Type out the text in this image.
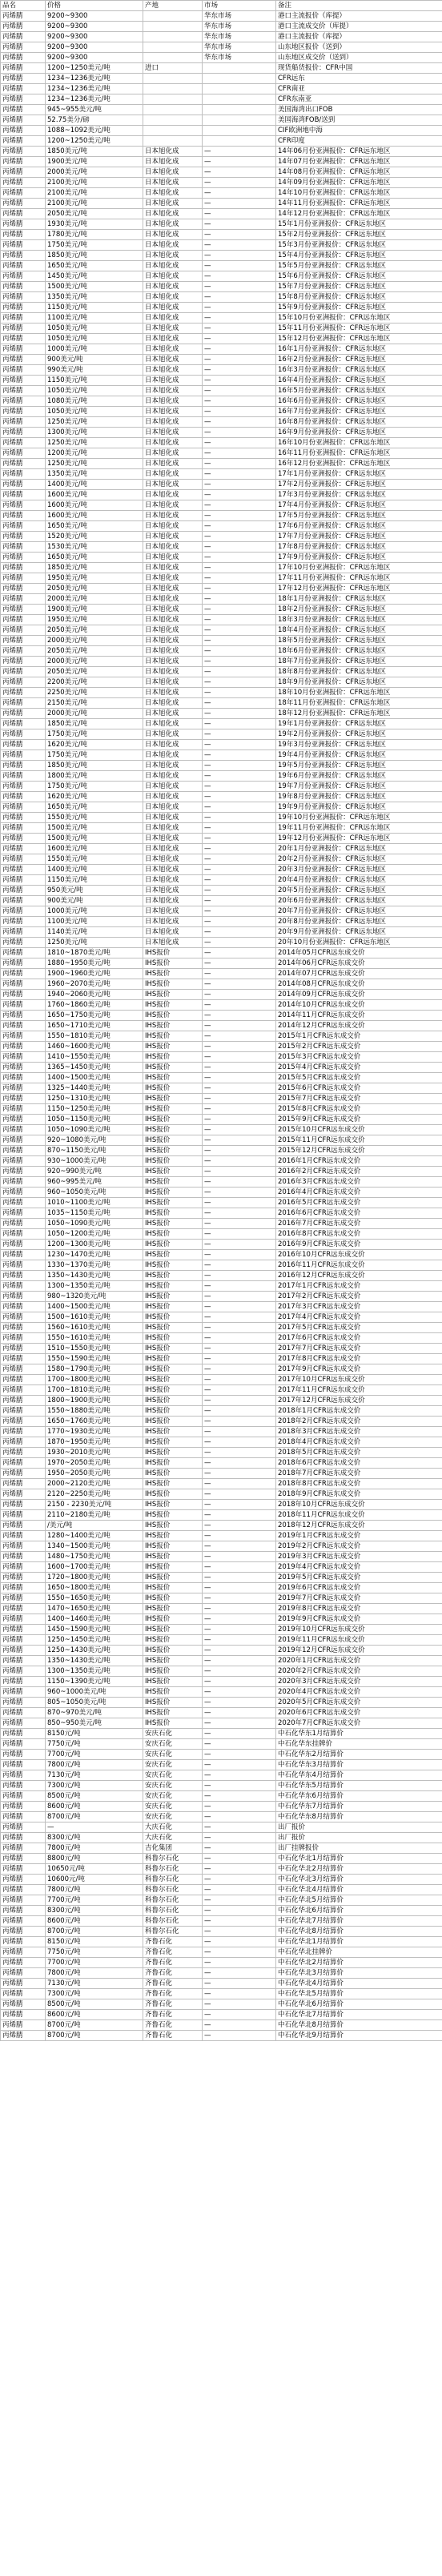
品名	价格	产地	市场	备注
丙烯腈	9200~9300		华东市场	港口主流报价（库提）
丙烯腈	9200~9300		华东市场	港口主流成交价（库提）
丙烯腈	9200~9300		华东市场	港口主流报价（库提）
丙烯腈	9200~9300		华东市场	山东地区报价（送到）
丙烯腈	9200~9300		华东市场	山东地区成交价（送到）
丙烯腈	1200~1250美元/吨	进口		现货船货报价：CFR中国
丙烯腈	1234~1236美元/吨			CFR远东
丙烯腈	1234~1236美元/吨			CFR南亚
丙烯腈	1234~1236美元/吨			CFR东南亚
丙烯腈	945~955美元/吨			美国海湾出口FOB
丙烯腈	52.75美分/磅			美国海湾FOB/送到
丙烯腈	1088~1092美元/吨			CIF欧洲地中海
丙烯腈	1200~1250美元/吨			CFR印度
丙烯腈	1850美元/吨	日本旭化成	—	14年06月份亚洲报价：CFR远东地区
丙烯腈	1900美元/吨	日本旭化成	—	14年07月份亚洲报价：CFR远东地区
丙烯腈	2000美元/吨	日本旭化成	—	14年08月份亚洲报价：CFR远东地区
丙烯腈	2100美元/吨	日本旭化成	—	14年09月份亚洲报价：CFR远东地区
丙烯腈	2100美元/吨	日本旭化成	—	14年10月份亚洲报价：CFR远东地区
丙烯腈	2100美元/吨	日本旭化成	—	14年11月份亚洲报价：CFR远东地区
丙烯腈	2050美元/吨	日本旭化成	—	14年12月份亚洲报价：CFR远东地区
丙烯腈	1930美元/吨	日本旭化成	—	15年1月份亚洲报价：CFR远东地区
丙烯腈	1780美元/吨	日本旭化成	—	15年2月份亚洲报价：CFR远东地区
丙烯腈	1750美元/吨	日本旭化成	—	15年3月份亚洲报价：CFR远东地区
丙烯腈	1850美元/吨	日本旭化成	—	15年4月份亚洲报价：CFR远东地区
丙烯腈	1650美元/吨	日本旭化成	—	15年5月份亚洲报价：CFR远东地区
丙烯腈	1450美元/吨	日本旭化成	—	15年6月份亚洲报价：CFR远东地区
丙烯腈	1500美元/吨	日本旭化成	—	15年7月份亚洲报价：CFR远东地区
丙烯腈	1350美元/吨	日本旭化成	—	15年8月份亚洲报价：CFR远东地区
丙烯腈	1150美元/吨	日本旭化成	—	15年9月份亚洲报价：CFR远东地区
丙烯腈	1100美元/吨	日本旭化成	—	15年10月份亚洲报价：CFR远东地区
丙烯腈	1050美元/吨	日本旭化成	—	15年11月份亚洲报价：CFR远东地区
丙烯腈	1050美元/吨	日本旭化成	—	15年12月份亚洲报价：CFR远东地区
丙烯腈	1000美元/吨	日本旭化成	—	16年1月份亚洲报价：CFR远东地区
丙烯腈	900美元/吨	日本旭化成	—	16年2月份亚洲报价：CFR远东地区
丙烯腈	990美元/吨	日本旭化成	—	16年3月份亚洲报价：CFR远东地区
丙烯腈	1150美元/吨	日本旭化成	—	16年4月份亚洲报价：CFR远东地区
丙烯腈	1050美元/吨	日本旭化成	—	16年5月份亚洲报价：CFR远东地区
丙烯腈	1080美元/吨	日本旭化成	—	16年6月份亚洲报价：CFR远东地区
丙烯腈	1050美元/吨	日本旭化成	—	16年7月份亚洲报价：CFR远东地区
丙烯腈	1250美元/吨	日本旭化成	—	16年8月份亚洲报价：CFR远东地区
丙烯腈	1300美元/吨	日本旭化成	—	16年9月份亚洲报价：CFR远东地区
丙烯腈	1250美元/吨	日本旭化成	—	16年10月份亚洲报价：CFR远东地区
丙烯腈	1200美元/吨	日本旭化成	—	16年11月份亚洲报价：CFR远东地区
丙烯腈	1250美元/吨	日本旭化成	—	16年12月份亚洲报价：CFR远东地区
丙烯腈	1350美元/吨	日本旭化成	—	17年1月份亚洲报价：CFR远东地区
丙烯腈	1400美元/吨	日本旭化成	—	17年2月份亚洲报价：CFR远东地区
丙烯腈	1600美元/吨	日本旭化成	—	17年3月份亚洲报价：CFR远东地区
丙烯腈	1600美元/吨	日本旭化成	—	17年4月份亚洲报价：CFR远东地区
丙烯腈	1600美元/吨	日本旭化成	—	17年5月份亚洲报价：CFR远东地区
丙烯腈	1650美元/吨	日本旭化成	—	17年6月份亚洲报价：CFR远东地区
丙烯腈	1520美元/吨	日本旭化成	—	17年7月份亚洲报价：CFR远东地区
丙烯腈	1530美元/吨	日本旭化成	—	17年8月份亚洲报价：CFR远东地区
丙烯腈	1650美元/吨	日本旭化成	—	17年9月份亚洲报价：CFR远东地区
丙烯腈	1850美元/吨	日本旭化成	—	17年10月份亚洲报价：CFR远东地区
丙烯腈	1950美元/吨	日本旭化成	—	17年11月份亚洲报价：CFR远东地区
丙烯腈	2050美元/吨	日本旭化成	—	17年12月份亚洲报价：CFR远东地区
丙烯腈	2000美元/吨	日本旭化成	—	18年1月份亚洲报价：CFR远东地区
丙烯腈	1900美元/吨	日本旭化成	—	18年2月份亚洲报价：CFR远东地区
丙烯腈	1950美元/吨	日本旭化成	—	18年3月份亚洲报价：CFR远东地区
丙烯腈	2050美元/吨	日本旭化成	—	18年4月份亚洲报价：CFR远东地区
丙烯腈	2000美元/吨	日本旭化成	—	18年5月份亚洲报价：CFR远东地区
丙烯腈	2050美元/吨	日本旭化成	—	18年6月份亚洲报价：CFR远东地区
丙烯腈	2000美元/吨	日本旭化成	—	18年7月份亚洲报价：CFR远东地区
丙烯腈	2050美元/吨	日本旭化成	—	18年8月份亚洲报价：CFR远东地区
丙烯腈	2200美元/吨	日本旭化成	—	18年9月份亚洲报价：CFR远东地区
丙烯腈	2250美元/吨	日本旭化成	—	18年10月份亚洲报价：CFR远东地区
丙烯腈	2150美元/吨	日本旭化成	—	18年11月份亚洲报价：CFR远东地区
丙烯腈	2000美元/吨	日本旭化成	—	18年12月份亚洲报价：CFR远东地区
丙烯腈	1850美元/吨	日本旭化成	—	19年1月份亚洲报价：CFR远东地区
丙烯腈	1750美元/吨	日本旭化成	—	19年2月份亚洲报价：CFR远东地区
丙烯腈	1620美元/吨	日本旭化成	—	19年3月份亚洲报价：CFR远东地区
丙烯腈	1750美元/吨	日本旭化成	—	19年4月份亚洲报价：CFR远东地区
丙烯腈	1850美元/吨	日本旭化成	—	19年5月份亚洲报价：CFR远东地区
丙烯腈	1800美元/吨	日本旭化成	—	19年6月份亚洲报价：CFR远东地区
丙烯腈	1750美元/吨	日本旭化成	—	19年7月份亚洲报价：CFR远东地区
丙烯腈	1620美元/吨	日本旭化成	—	19年8月份亚洲报价：CFR远东地区
丙烯腈	1650美元/吨	日本旭化成	—	19年9月份亚洲报价：CFR远东地区
丙烯腈	1550美元/吨	日本旭化成	—	19年10月份亚洲报价：CFR远东地区
丙烯腈	1500美元/吨	日本旭化成	—	19年11月份亚洲报价：CFR远东地区
丙烯腈	1500美元/吨	日本旭化成	—	19年12月份亚洲报价：CFR远东地区
丙烯腈	1600美元/吨	日本旭化成	—	20年1月份亚洲报价：CFR远东地区
丙烯腈	1550美元/吨	日本旭化成	—	20年2月份亚洲报价：CFR远东地区
丙烯腈	1400美元/吨	日本旭化成	—	20年3月份亚洲报价：CFR远东地区
丙烯腈	1150美元/吨	日本旭化成	—	20年4月份亚洲报价：CFR远东地区
丙烯腈	950美元/吨	日本旭化成	—	20年5月份亚洲报价：CFR远东地区
丙烯腈	900美元/吨	日本旭化成	—	20年6月份亚洲报价：CFR远东地区
丙烯腈	1000美元/吨	日本旭化成	—	20年7月份亚洲报价：CFR远东地区
丙烯腈	1100美元/吨	日本旭化成	—	20年8月份亚洲报价：CFR远东地区
丙烯腈	1140美元/吨	日本旭化成	—	20年9月份亚洲报价：CFR远东地区
丙烯腈	1250美元/吨	日本旭化成	—	20年10月份亚洲报价：CFR远东地区
丙烯腈	1810~1870美元/吨	IHS报价	—	2014年05月CFR远东成交价
丙烯腈	1880~1950美元/吨	IHS报价	—	2014年06月CFR远东成交价
丙烯腈	1900~1960美元/吨	IHS报价	—	2014年07月CFR远东成交价
丙烯腈	1960~2070美元/吨	IHS报价	—	2014年08月CFR远东成交价
丙烯腈	1940~2060美元/吨	IHS报价	—	2014年09月CFR远东成交价
丙烯腈	1760~1860美元/吨	IHS报价	—	2014年10月CFR远东成交价
丙烯腈	1650~1750美元/吨	IHS报价	—	2014年11月CFR远东成交价
丙烯腈	1650~1710美元/吨	IHS报价	—	2014年12月CFR远东成交价
丙烯腈	1550~1810美元/吨	IHS报价	—	2015年1月CFR远东成交价
丙烯腈	1460~1600美元/吨	IHS报价	—	2015年2月CFR远东成交价
丙烯腈	1410~1550美元/吨	IHS报价	—	2015年3月CFR远东成交价
丙烯腈	1365~1450美元/吨	IHS报价	—	2015年4月CFR远东成交价
丙烯腈	1400~1500美元/吨	IHS报价	—	2015年5月CFR远东成交价
丙烯腈	1325~1440美元/吨	IHS报价	—	2015年6月CFR远东成交价
丙烯腈	1250~1310美元/吨	IHS报价	—	2015年7月CFR远东成交价
丙烯腈	1150~1250美元/吨	IHS报价	—	2015年8月CFR远东成交价
丙烯腈	1050~1150美元/吨	IHS报价	—	2015年9月CFR远东成交价
丙烯腈	1050~1090美元/吨	IHS报价	—	2015年10月CFR远东成交价
丙烯腈	920~1080美元/吨	IHS报价	—	2015年11月CFR远东成交价
丙烯腈	870~1150美元/吨	IHS报价	—	2015年12月CFR远东成交价
丙烯腈	930~1000美元/吨	IHS报价	—	2016年1月CFR远东成交价
丙烯腈	920~990美元/吨	IHS报价	—	2016年2月CFR远东成交价
丙烯腈	960~995美元/吨	IHS报价	—	2016年3月CFR远东成交价
丙烯腈	960~1050美元/吨	IHS报价	—	2016年4月CFR远东成交价
丙烯腈	1010~1100美元/吨	IHS报价	—	2016年5月CFR远东成交价
丙烯腈	1035~1150美元/吨	IHS报价	—	2016年6月CFR远东成交价
丙烯腈	1050~1090美元/吨	IHS报价	—	2016年7月CFR远东成交价
丙烯腈	1050~1200美元/吨	IHS报价	—	2016年8月CFR远东成交价
丙烯腈	1200~1300美元/吨	IHS报价	—	2016年9月CFR远东成交价
丙烯腈	1230~1470美元/吨	IHS报价	—	2016年10月CFR远东成交价
丙烯腈	1330~1370美元/吨	IHS报价	—	2016年11月CFR远东成交价
丙烯腈	1350~1430美元/吨	IHS报价	—	2016年12月CFR远东成交价
丙烯腈	1300~1350美元/吨	IHS报价	—	2017年1月CFR远东成交价
丙烯腈	980~1320美元/吨	IHS报价	—	2017年2月CFR远东成交价
丙烯腈	1400~1500美元/吨	IHS报价	—	2017年3月CFR远东成交价
丙烯腈	1500~1610美元/吨	IHS报价	—	2017年4月CFR远东成交价
丙烯腈	1560~1610美元/吨	IHS报价	—	2017年5月CFR远东成交价
丙烯腈	1550~1610美元/吨	IHS报价	—	2017年6月CFR远东成交价
丙烯腈	1510~1550美元/吨	IHS报价	—	2017年7月CFR远东成交价
丙烯腈	1550~1590美元/吨	IHS报价	—	2017年8月CFR远东成交价
丙烯腈	1580~1790美元/吨	IHS报价	—	2017年9月CFR远东成交价
丙烯腈	1700~1800美元/吨	IHS报价	—	2017年10月CFR远东成交价
丙烯腈	1700~1810美元/吨	IHS报价	—	2017年11月CFR远东成交价
丙烯腈	1800~1900美元/吨	IHS报价	—	2017年12月CFR远东成交价
丙烯腈	1550~1880美元/吨	IHS报价	—	2018年1月CFR远东成交价
丙烯腈	1650~1760美元/吨	IHS报价	—	2018年2月CFR远东成交价
丙烯腈	1770~1930美元/吨	IHS报价	—	2018年3月CFR远东成交价
丙烯腈	1870~1950美元/吨	IHS报价	—	2018年4月CFR远东成交价
丙烯腈	1930~2010美元/吨	IHS报价	—	2018年5月CFR远东成交价
丙烯腈	1970~2050美元/吨	IHS报价	—	2018年6月CFR远东成交价
丙烯腈	1950~2050美元/吨	IHS报价	—	2018年7月CFR远东成交价
丙烯腈	2000~2120美元/吨	IHS报价	—	2018年8月CFR远东成交价
丙烯腈	2120~2250美元/吨	IHS报价	—	2018年9月CFR远东成交价
丙烯腈	2150 - 2230美元/吨	IHS报价	—	2018年10月CFR远东成交价
丙烯腈	2110~2180美元/吨	IHS报价	—	2018年11月CFR远东成交价
丙烯腈	/美元/吨	IHS报价	—	2018年12月CFR远东成交价
丙烯腈	1280~1400美元/吨	IHS报价	—	2019年1月CFR远东成交价
丙烯腈	1340~1500美元/吨	IHS报价	—	2019年2月CFR远东成交价
丙烯腈	1480~1750美元/吨	IHS报价	—	2019年3月CFR远东成交价
丙烯腈	1600~1700美元/吨	IHS报价	—	2019年4月CFR远东成交价
丙烯腈	1720~1800美元/吨	IHS报价	—	2019年5月CFR远东成交价
丙烯腈	1650~1800美元/吨	IHS报价	—	2019年6月CFR远东成交价
丙烯腈	1550~1650美元/吨	IHS报价	—	2019年7月CFR远东成交价
丙烯腈	1470~1650美元/吨	IHS报价	—	2019年8月CFR远东成交价
丙烯腈	1400~1460美元/吨	IHS报价	—	2019年9月CFR远东成交价
丙烯腈	1450~1590美元/吨	IHS报价	—	2019年10月CFR远东成交价
丙烯腈	1250~1450美元/吨	IHS报价	—	2019年11月CFR远东成交价
丙烯腈	1250~1430美元/吨	IHS报价	—	2019年12月CFR远东成交价
丙烯腈	1350~1430美元/吨	IHS报价	—	2020年1月CFR远东成交价
丙烯腈	1300~1350美元/吨	IHS报价	—	2020年2月CFR远东成交价
丙烯腈	1150~1390美元/吨	IHS报价	—	2020年3月CFR远东成交价
丙烯腈	960~1000美元/吨	IHS报价	—	2020年4月CFR远东成交价
丙烯腈	805~1050美元/吨	IHS报价	—	2020年5月CFR远东成交价
丙烯腈	870~970美元/吨	IHS报价	—	2020年6月CFR远东成交价
丙烯腈	850~950美元/吨	IHS报价	—	2020年7月CFR远东成交价
丙烯腈	8150元/吨	安庆石化	—	中石化华东1月结算价
丙烯腈	7750元/吨	安庆石化	—	中石化华东挂牌价
丙烯腈	7700元/吨	安庆石化	—	中石化华东2月结算价
丙烯腈	7800元/吨	安庆石化	—	中石化华东3月结算价
丙烯腈	7130元/吨	安庆石化	—	中石化华东4月结算价
丙烯腈	7300元/吨	安庆石化	—	中石化华东5月结算价
丙烯腈	8500元/吨	安庆石化	—	中石化华东6月结算价
丙烯腈	8600元/吨	安庆石化	—	中石化华东7月结算价
丙烯腈	8700元/吨	安庆石化	—	中石化华东8月结算价
丙烯腈	—	大庆石化	—	出厂报价
丙烯腈	8300元/吨	大庆石化	—	出厂报价
丙烯腈	7800元/吨	吉化集团	—	出厂挂牌报价
丙烯腈	8800元/吨	科鲁尔石化	—	中石化华北1月结算价
丙烯腈	10650元/吨	科鲁尔石化	—	中石化华北2月结算价
丙烯腈	10600元/吨	科鲁尔石化	—	中石化华北3月结算价
丙烯腈	7800元/吨	科鲁尔石化	—	中石化华北4月结算价
丙烯腈	7700元/吨	科鲁尔石化	—	中石化华北5月结算价
丙烯腈	8300元/吨	科鲁尔石化	—	中石化华北6月结算价
丙烯腈	8600元/吨	科鲁尔石化	—	中石化华北7月结算价
丙烯腈	8700元/吨	科鲁尔石化	—	中石化华北8月结算价
丙烯腈	8150元/吨	齐鲁石化	—	中石化华北1月结算价
丙烯腈	7750元/吨	齐鲁石化	—	中石化华北挂牌价
丙烯腈	7700元/吨	齐鲁石化	—	中石化华北2月结算价
丙烯腈	7800元/吨	齐鲁石化	—	中石化华北3月结算价
丙烯腈	7130元/吨	齐鲁石化	—	中石化华北4月结算价
丙烯腈	7300元/吨	齐鲁石化	—	中石化华北5月结算价
丙烯腈	8500元/吨	齐鲁石化	—	中石化华北6月结算价
丙烯腈	8600元/吨	齐鲁石化	—	中石化华北7月结算价
丙烯腈	8700元/吨	齐鲁石化	—	中石化华北8月结算价
丙烯腈	8700元/吨	齐鲁石化	—	中石化华北9月结算价
